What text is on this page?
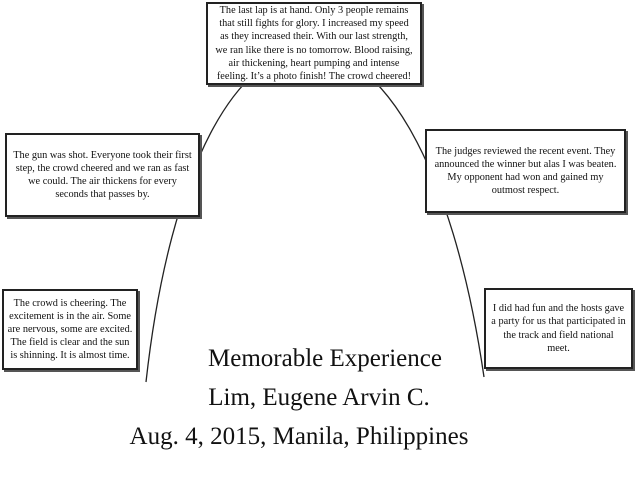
The last lap is at hand. Only 3 people remains that still fights for glory. I increased my speed as they increased their. With our last strength, we ran like there is no tomorrow. Blood raising, air thickening, heart pumping and intense feeling. It’s a photo finish! The crowd cheered!
The gun was shot. Everyone took their first step, the crowd cheered and we ran as fast we could. The air thickens for every seconds that passes by.
The judges reviewed the recent event. They announced the winner but alas I was beaten. My opponent had won and gained my outmost respect.
The crowd is cheering. The excitement is in the air. Some are nervous, some are excited. The field is clear and the sun is shinning. It is almost time.
I did had fun and the hosts gave a party for us that participated in the track and field national meet.
Memorable Experience
Lim, Eugene Arvin C.
Aug. 4, 2015, Manila, Philippines
